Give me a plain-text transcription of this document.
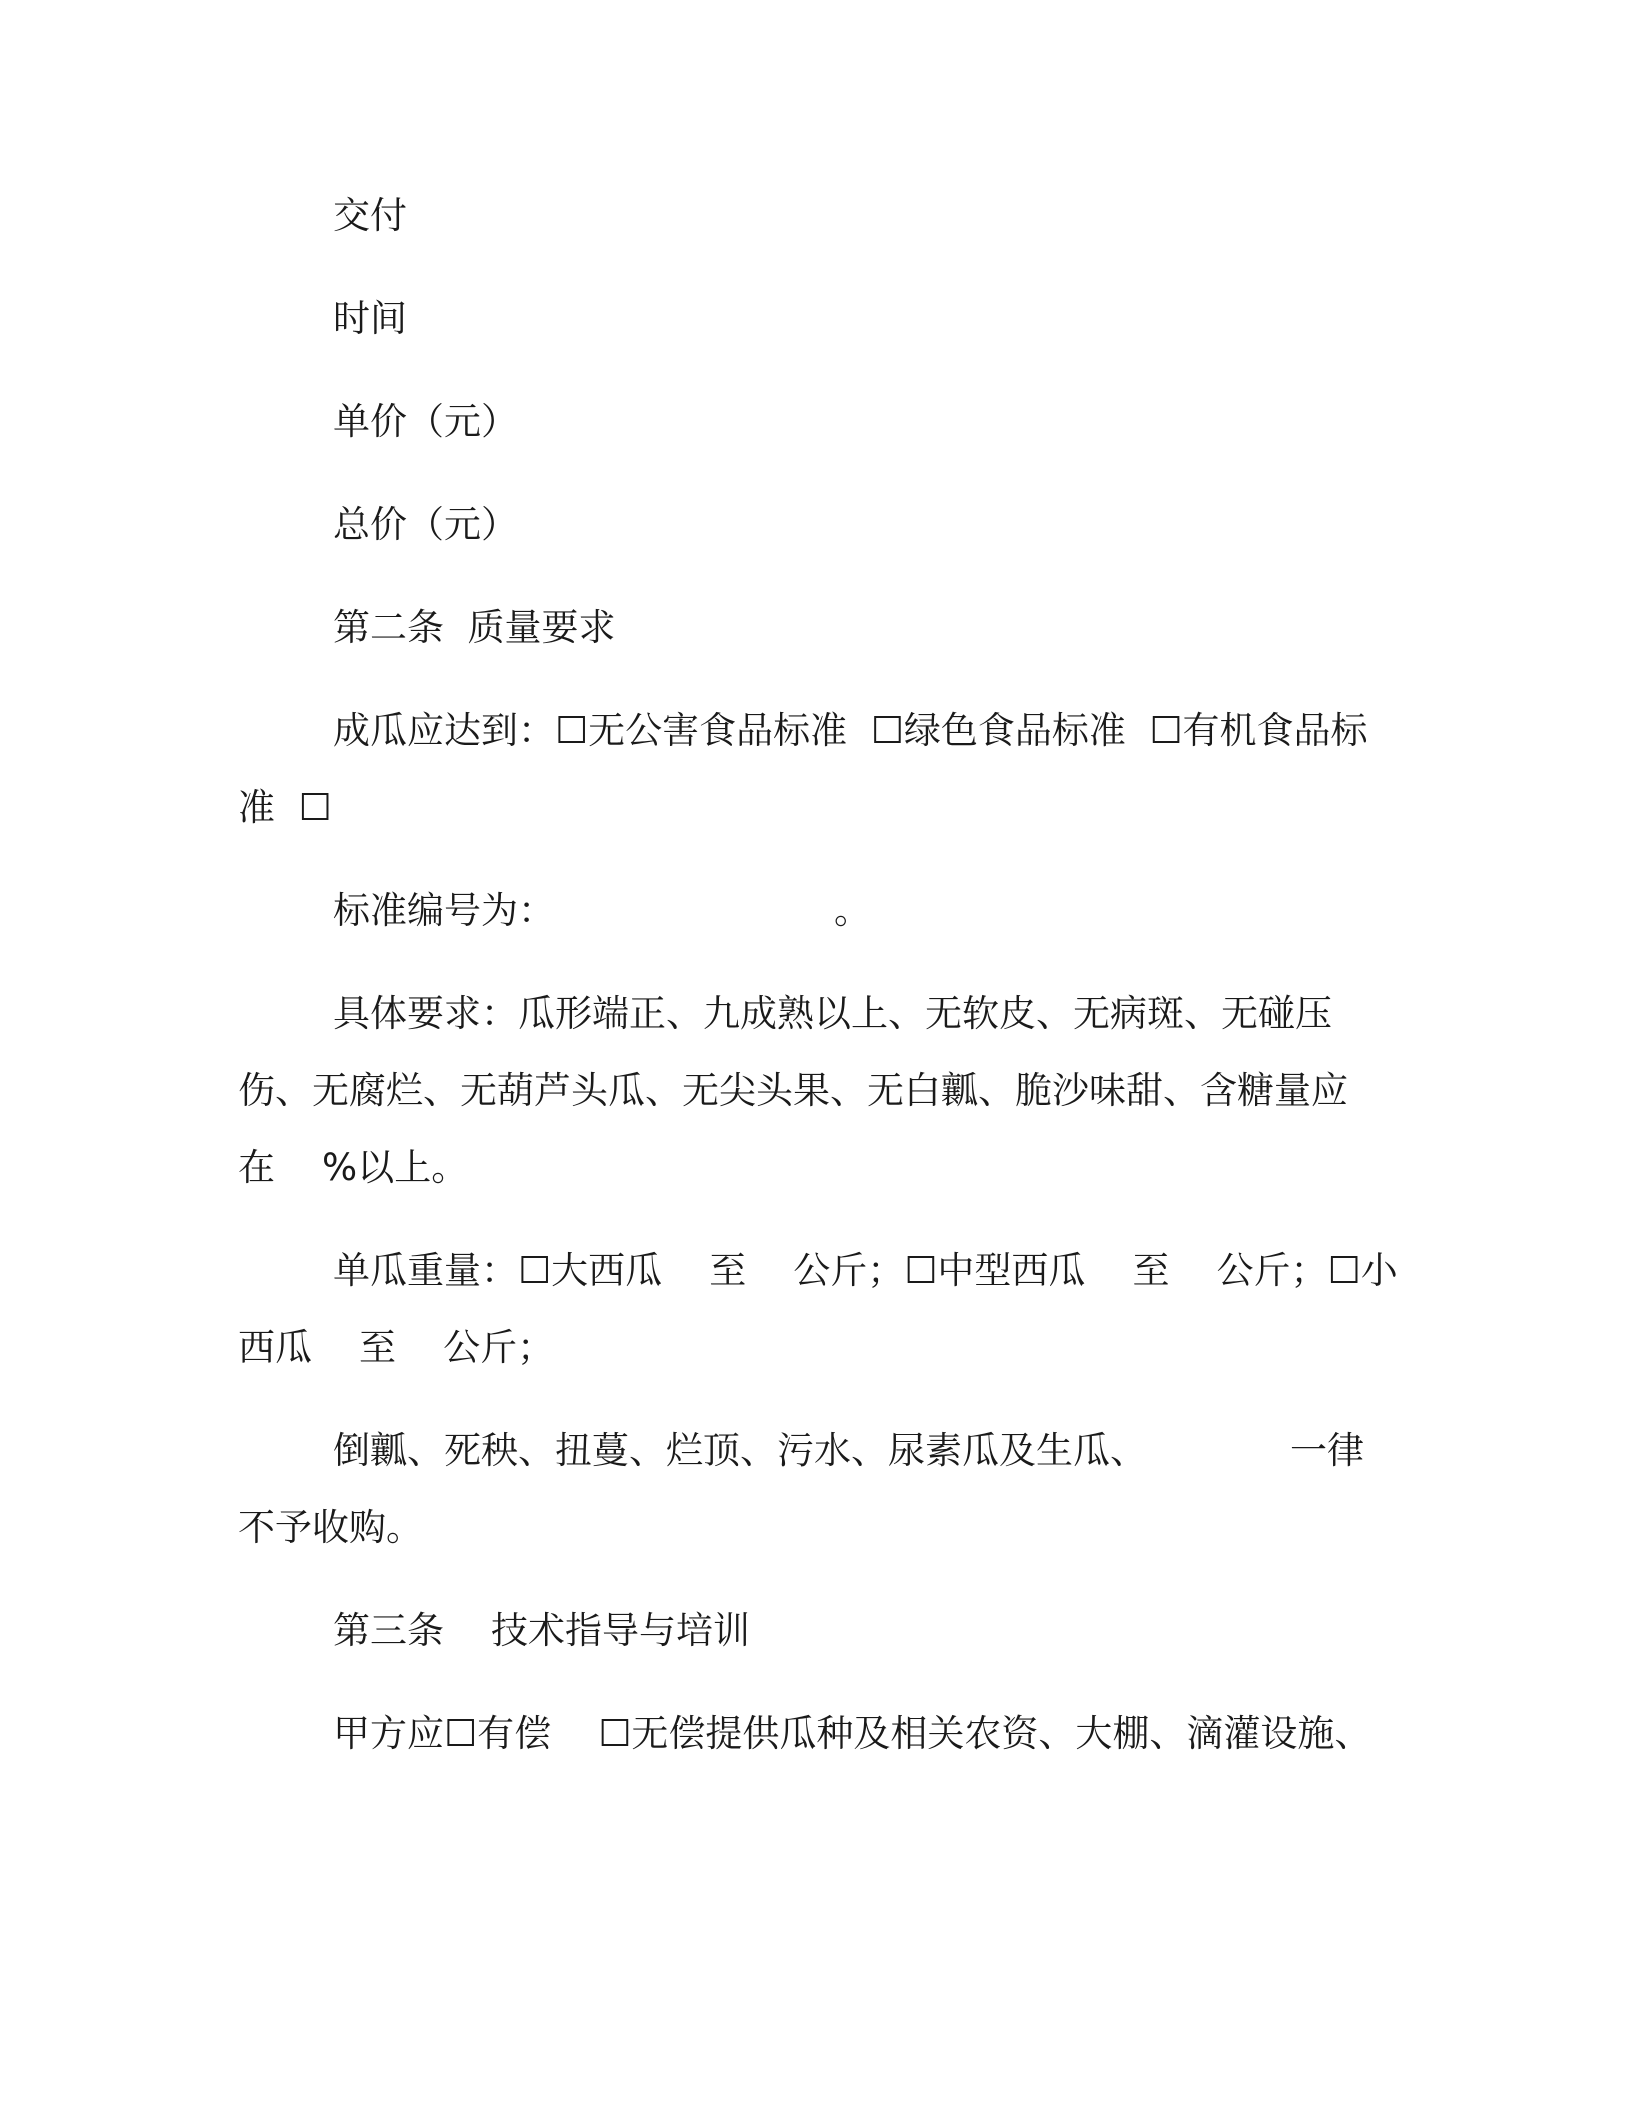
交付
时间
单价（元）
总价（元）
第二条  质量要求
成瓜应达到：☐无公害食品标准  ☐绿色食品标准  ☐有机食品标
准  ☐
标准编号为：	。
具体要求：瓜形端正、九成熟以上、无软皮、无病斑、无碰压
伤、无腐烂、无葫芦头瓜、无尖头果、无白瓤、脆沙味甜、含糖量应
在    %以上。
单瓜重量：☐大西瓜    至    公斤；☐中型西瓜    至    公斤；☐小
西瓜    至    公斤；
倒瓤、死秧、扭蔓、烂顶、污水、尿素瓜及生瓜、	一律
不予收购。
第三条    技术指导与培训
甲方应☐有偿    ☐无偿提供瓜种及相关农资、大棚、滴灌设施、
